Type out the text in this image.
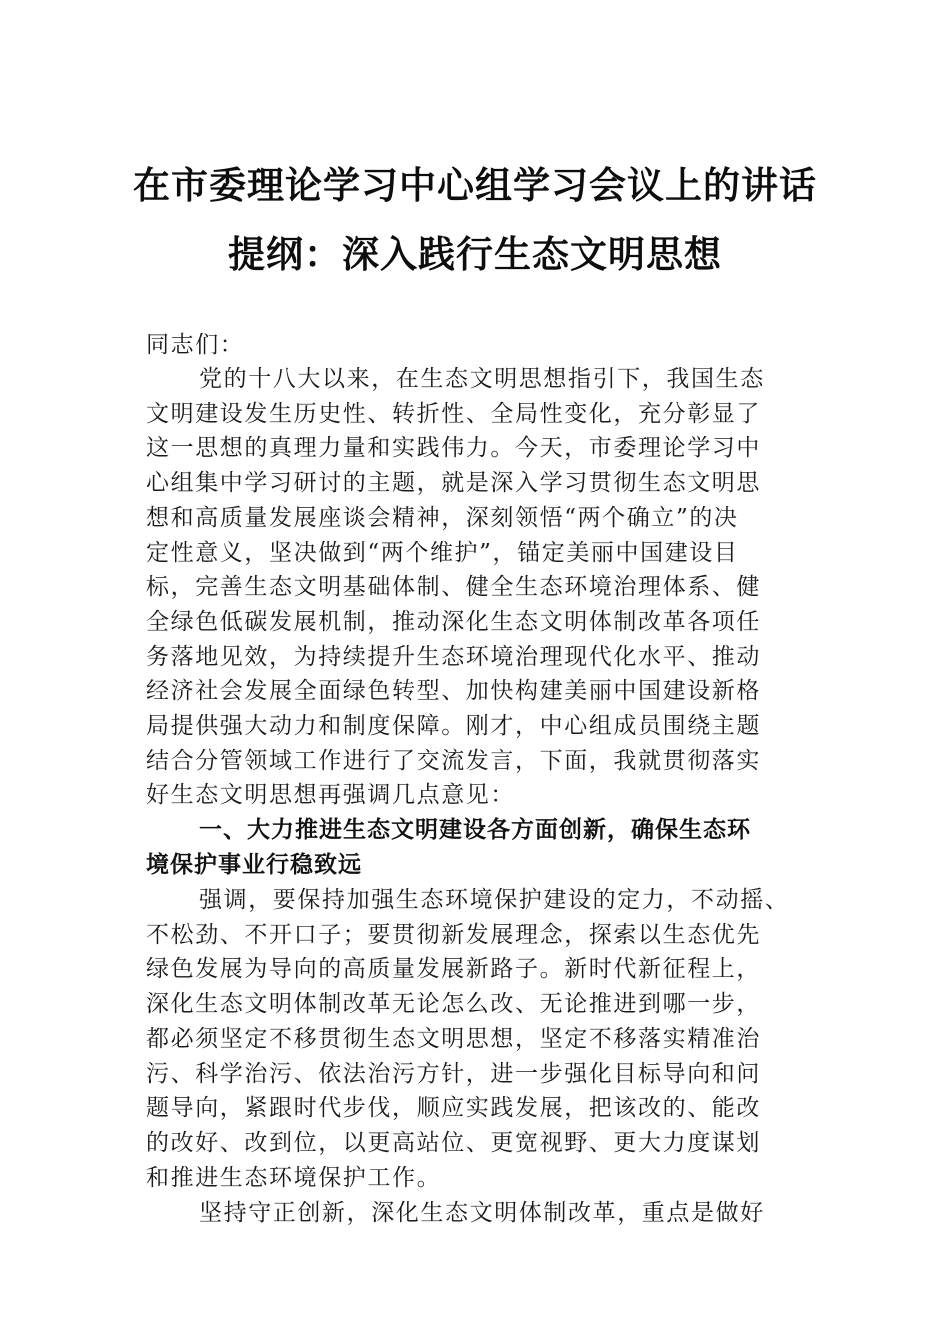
在市委理论学习中心组学习会议上的讲话
提纲：深入践行生态文明思想
同志们：
党的十八大以来，在生态文明思想指引下，我国生态
文明建设发生历史性、转折性、全局性变化，充分彰显了
这一思想的真理力量和实践伟力。今天，市委理论学习中
心组集中学习研讨的主题，就是深入学习贯彻生态文明思
想和高质量发展座谈会精神，深刻领悟“两个确立”的决
定性意义，坚决做到“两个维护”，锚定美丽中国建设目
标，完善生态文明基础体制、健全生态环境治理体系、健
全绿色低碳发展机制，推动深化生态文明体制改革各项任
务落地见效，为持续提升生态环境治理现代化水平、推动
经济社会发展全面绿色转型、加快构建美丽中国建设新格
局提供强大动力和制度保障。刚才，中心组成员围绕主题
结合分管领域工作进行了交流发言，下面，我就贯彻落实
好生态文明思想再强调几点意见：
一、大力推进生态文明建设各方面创新，确保生态环
境保护事业行稳致远
强调，要保持加强生态环境保护建设的定力，不动摇、
不松劲、不开口子；要贯彻新发展理念，探索以生态优先
绿色发展为导向的高质量发展新路子。新时代新征程上，
深化生态文明体制改革无论怎么改、无论推进到哪一步，
都必须坚定不移贯彻生态文明思想，坚定不移落实精准治
污、科学治污、依法治污方针，进一步强化目标导向和问
题导向，紧跟时代步伐，顺应实践发展，把该改的、能改
的改好、改到位，以更高站位、更宽视野、更大力度谋划
和推进生态环境保护工作。
坚持守正创新，深化生态文明体制改革，重点是做好
